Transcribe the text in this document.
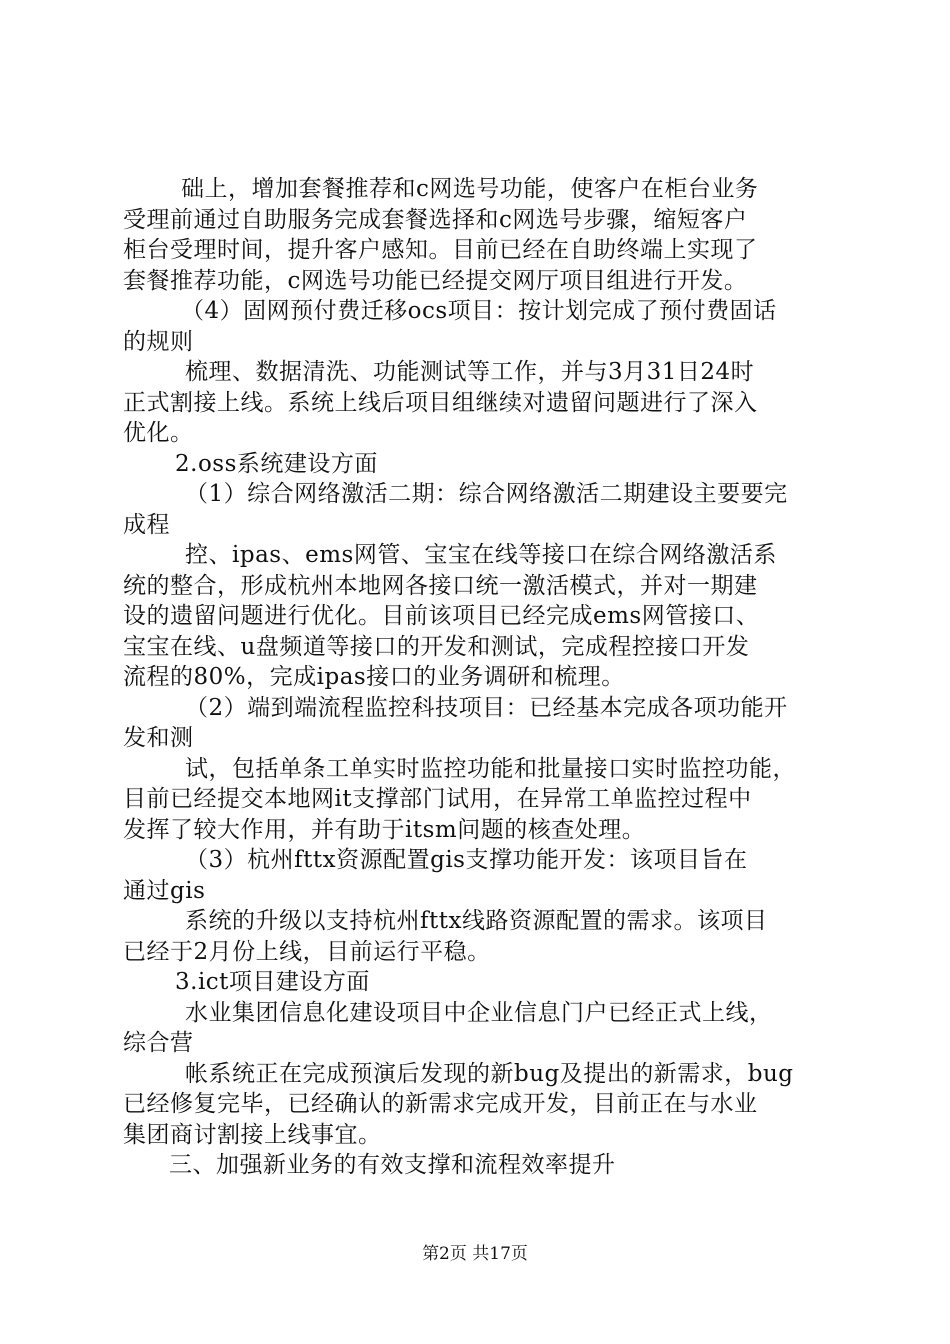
础上，增加套餐推荐和c网选号功能，使客户在柜台业务
受理前通过自助服务完成套餐选择和c网选号步骤，缩短客户
柜台受理时间，提升客户感知。目前已经在自助终端上实现了
套餐推荐功能，c网选号功能已经提交网厅项目组进行开发。
（4）固网预付费迁移ocs项目：按计划完成了预付费固话
的规则
梳理、数据清洗、功能测试等工作，并与3月31日24时
正式割接上线。系统上线后项目组继续对遗留问题进行了深入
优化。
2.oss系统建设方面
（1）综合网络激活二期：综合网络激活二期建设主要要完
成程
控、ipas、ems网管、宝宝在线等接口在综合网络激活系
统的整合，形成杭州本地网各接口统一激活模式，并对一期建
设的遗留问题进行优化。目前该项目已经完成ems网管接口、
宝宝在线、u盘频道等接口的开发和测试，完成程控接口开发
流程的80%，完成ipas接口的业务调研和梳理。
（2）端到端流程监控科技项目：已经基本完成各项功能开
发和测
试，包括单条工单实时监控功能和批量接口实时监控功能，
目前已经提交本地网it支撑部门试用，在异常工单监控过程中
发挥了较大作用，并有助于itsm问题的核查处理。
（3）杭州fttx资源配置gis支撑功能开发：该项目旨在
通过gis
系统的升级以支持杭州fttx线路资源配置的需求。该项目
已经于2月份上线，目前运行平稳。
3.ict项目建设方面
水业集团信息化建设项目中企业信息门户已经正式上线，
综合营
帐系统正在完成预演后发现的新bug及提出的新需求，bug
已经修复完毕，已经确认的新需求完成开发，目前正在与水业
集团商讨割接上线事宜。
三、加强新业务的有效支撑和流程效率提升
第2页 共17页
